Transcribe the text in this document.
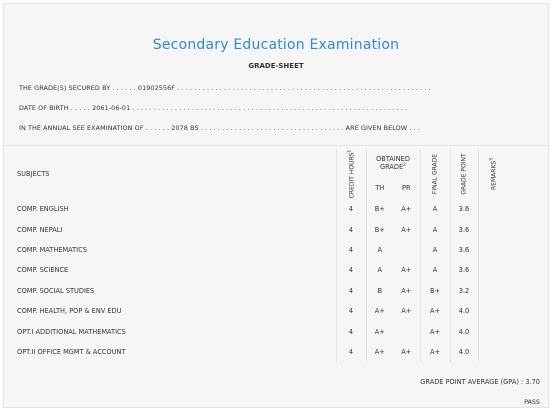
Secondary Education Examination
GRADE-SHEET
THE GRADE(S) SECURED BY . . . . . . 01902556F . . . . . . . . . . . . . . . . . . . . . . . . . . . . . . . . . . . . . . . . . . . . . . . . . . . . . . . . . . . .
DATE OF BIRTH . . . . . 2061-06-01 . . . . . . . . . . . . . . . . . . . . . . . . . . . . . . . . . . . . . . . . . . . . . . . . . . . . . . . . . . . . . . . . .
IN THE ANNUAL SEE EXAMINATION OF . . . . . . 2078 BS . . . . . . . . . . . . . . . . . . . . . . . . . . . . . . . . . . ARE GIVEN BELOW . . .
SUBJECTS	CREDIT HOURS$^1$	OBTAINED GRADE$^2$		FINAL GRADE	GRADE POINT	REMARKS$^3$

		TH	PR			
COMP. ENGLISH	4	B+	A+	A	3.6	
COMP. NEPALI	4	B+	A+	A	3.6	
COMP. MATHEMATICS	4	A		A	3.6	
COMP. SCIENCE	4	A	A+	A	3.6	
COMP. SOCIAL STUDIES	4	B	A+	B+	3.2	
COMP. HEALTH, POP & ENV EDU	4	A+	A+	A+	4.0	
OPT.I ADDITIONAL MATHEMATICS	4	A+		A+	4.0	
OPT.II OFFICE MGMT & ACCOUNT	4	A+	A+	A+	4.0	
GRADE POINT AVERAGE (GPA) : 3.70
PASS
